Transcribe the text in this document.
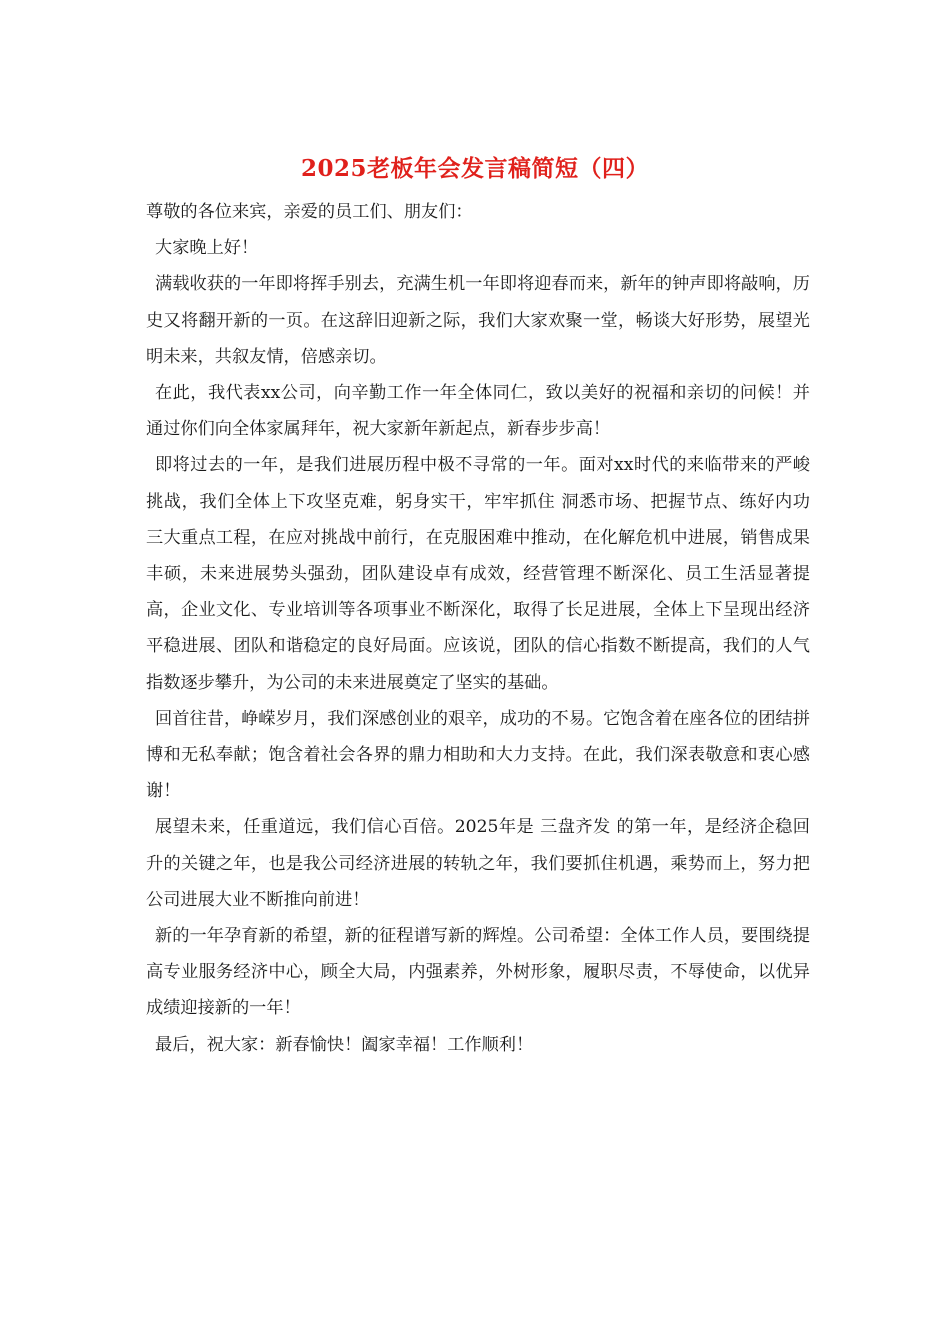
2025老板年会发言稿简短（四）

尊敬的各位来宾，亲爱的员工们、朋友们：

大家晚上好！

满载收获的一年即将挥手别去，充满生机一年即将迎春而来，新年的钟声即将敲响，历史又将翻开新的一页。在这辞旧迎新之际，我们大家欢聚一堂，畅谈大好形势，展望光明未来，共叙友情，倍感亲切。

在此，我代表xx公司，向辛勤工作一年全体同仁，致以美好的祝福和亲切的问候！并通过你们向全体家属拜年，祝大家新年新起点，新春步步高！

即将过去的一年，是我们进展历程中极不寻常的一年。面对xx时代的来临带来的严峻挑战，我们全体上下攻坚克难，躬身实干，牢牢抓住 洞悉市场、把握节点、练好内功 三大重点工程，在应对挑战中前行，在克服困难中推动，在化解危机中进展，销售成果丰硕，未来进展势头强劲，团队建设卓有成效，经营管理不断深化、员工生活显著提高，企业文化、专业培训等各项事业不断深化，取得了长足进展，全体上下呈现出经济平稳进展、团队和谐稳定的良好局面。应该说，团队的信心指数不断提高，我们的人气指数逐步攀升，为公司的未来进展奠定了坚实的基础。

回首往昔，峥嵘岁月，我们深感创业的艰辛，成功的不易。它饱含着在座各位的团结拼博和无私奉献；饱含着社会各界的鼎力相助和大力支持。在此，我们深表敬意和衷心感谢！

展望未来，任重道远，我们信心百倍。2025年是 三盘齐发 的第一年，是经济企稳回升的关键之年，也是我公司经济进展的转轨之年，我们要抓住机遇，乘势而上，努力把公司进展大业不断推向前进！

新的一年孕育新的希望，新的征程谱写新的辉煌。公司希望：全体工作人员，要围绕提高专业服务经济中心，顾全大局，内强素养，外树形象，履职尽责，不辱使命，以优异成绩迎接新的一年！

最后，祝大家：新春愉快！阖家幸福！工作顺利！
